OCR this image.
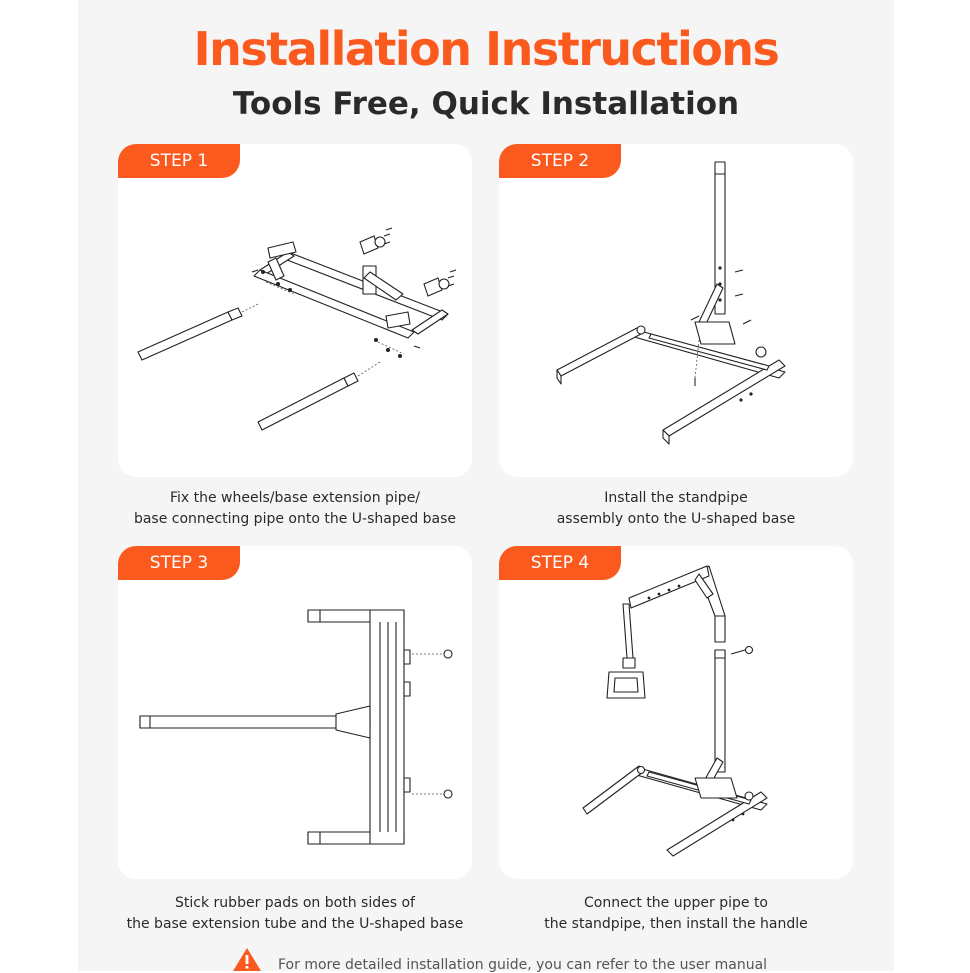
Installation Instructions
Tools Free, Quick Installation
STEP 1
Fix the wheels/base extension pipe/
base connecting pipe onto the U-shaped base
STEP 2
Install the standpipe
assembly onto the U-shaped base
STEP 3
Stick rubber pads on both sides of
the base extension tube and the U-shaped base
STEP 4
Connect the upper pipe to
the standpipe, then install the handle
For more detailed installation guide, you can refer to the user manual
